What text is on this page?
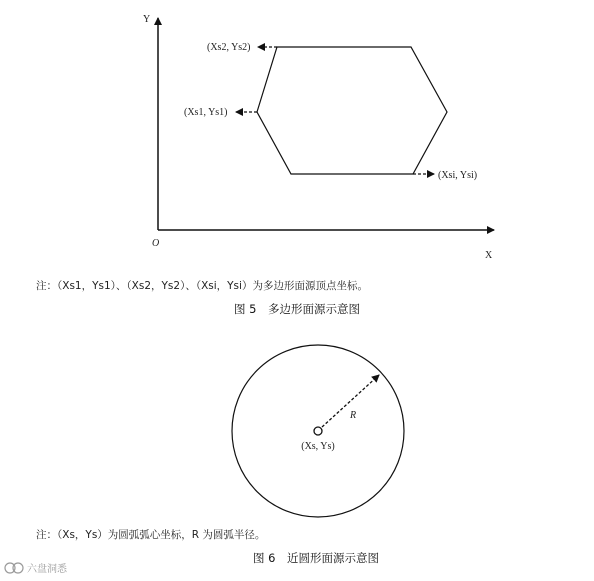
Y
X
O
(Xs2, Ys2)
(Xs1, Ys1)
(Xsi, Ysi)
注：（Xs1，Ys1）、（Xs2，Ys2）、（Xsi，Ysi）为多边形面源顶点坐标。
图 5　多边形面源示意图
R
(Xs, Ys)
注：（Xs，Ys）为圆弧弧心坐标，R 为圆弧半径。
图 6　近圆形面源示意图
六盘洞悉
